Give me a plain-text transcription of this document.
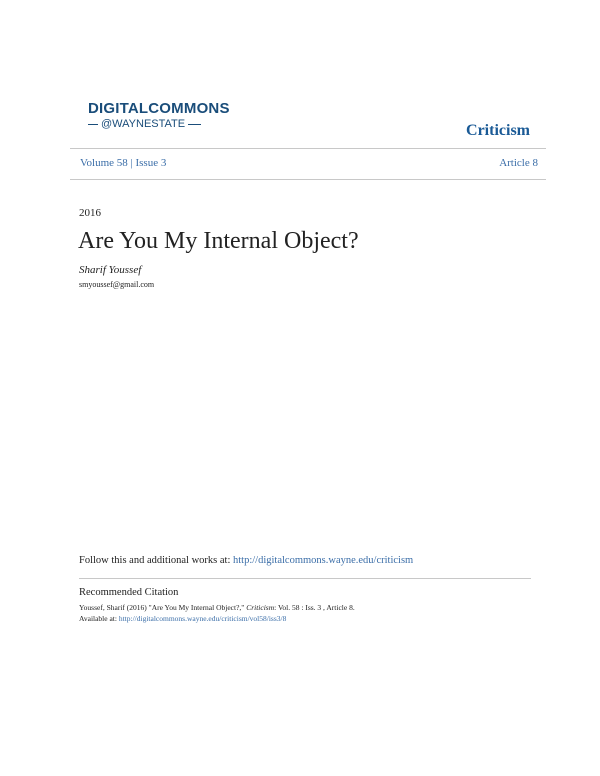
DIGITALCOMMONS
@WAYNESTATE	Criticism
Volume 58 | Issue 3	Article 8
2016
Are You My Internal Object?
Sharif Youssef
smyoussef@gmail.com
Follow this and additional works at: http://digitalcommons.wayne.edu/criticism
Recommended Citation
Youssef, Sharif (2016) "Are You My Internal Object?," Criticism: Vol. 58 : Iss. 3 , Article 8.
Available at: http://digitalcommons.wayne.edu/criticism/vol58/iss3/8
